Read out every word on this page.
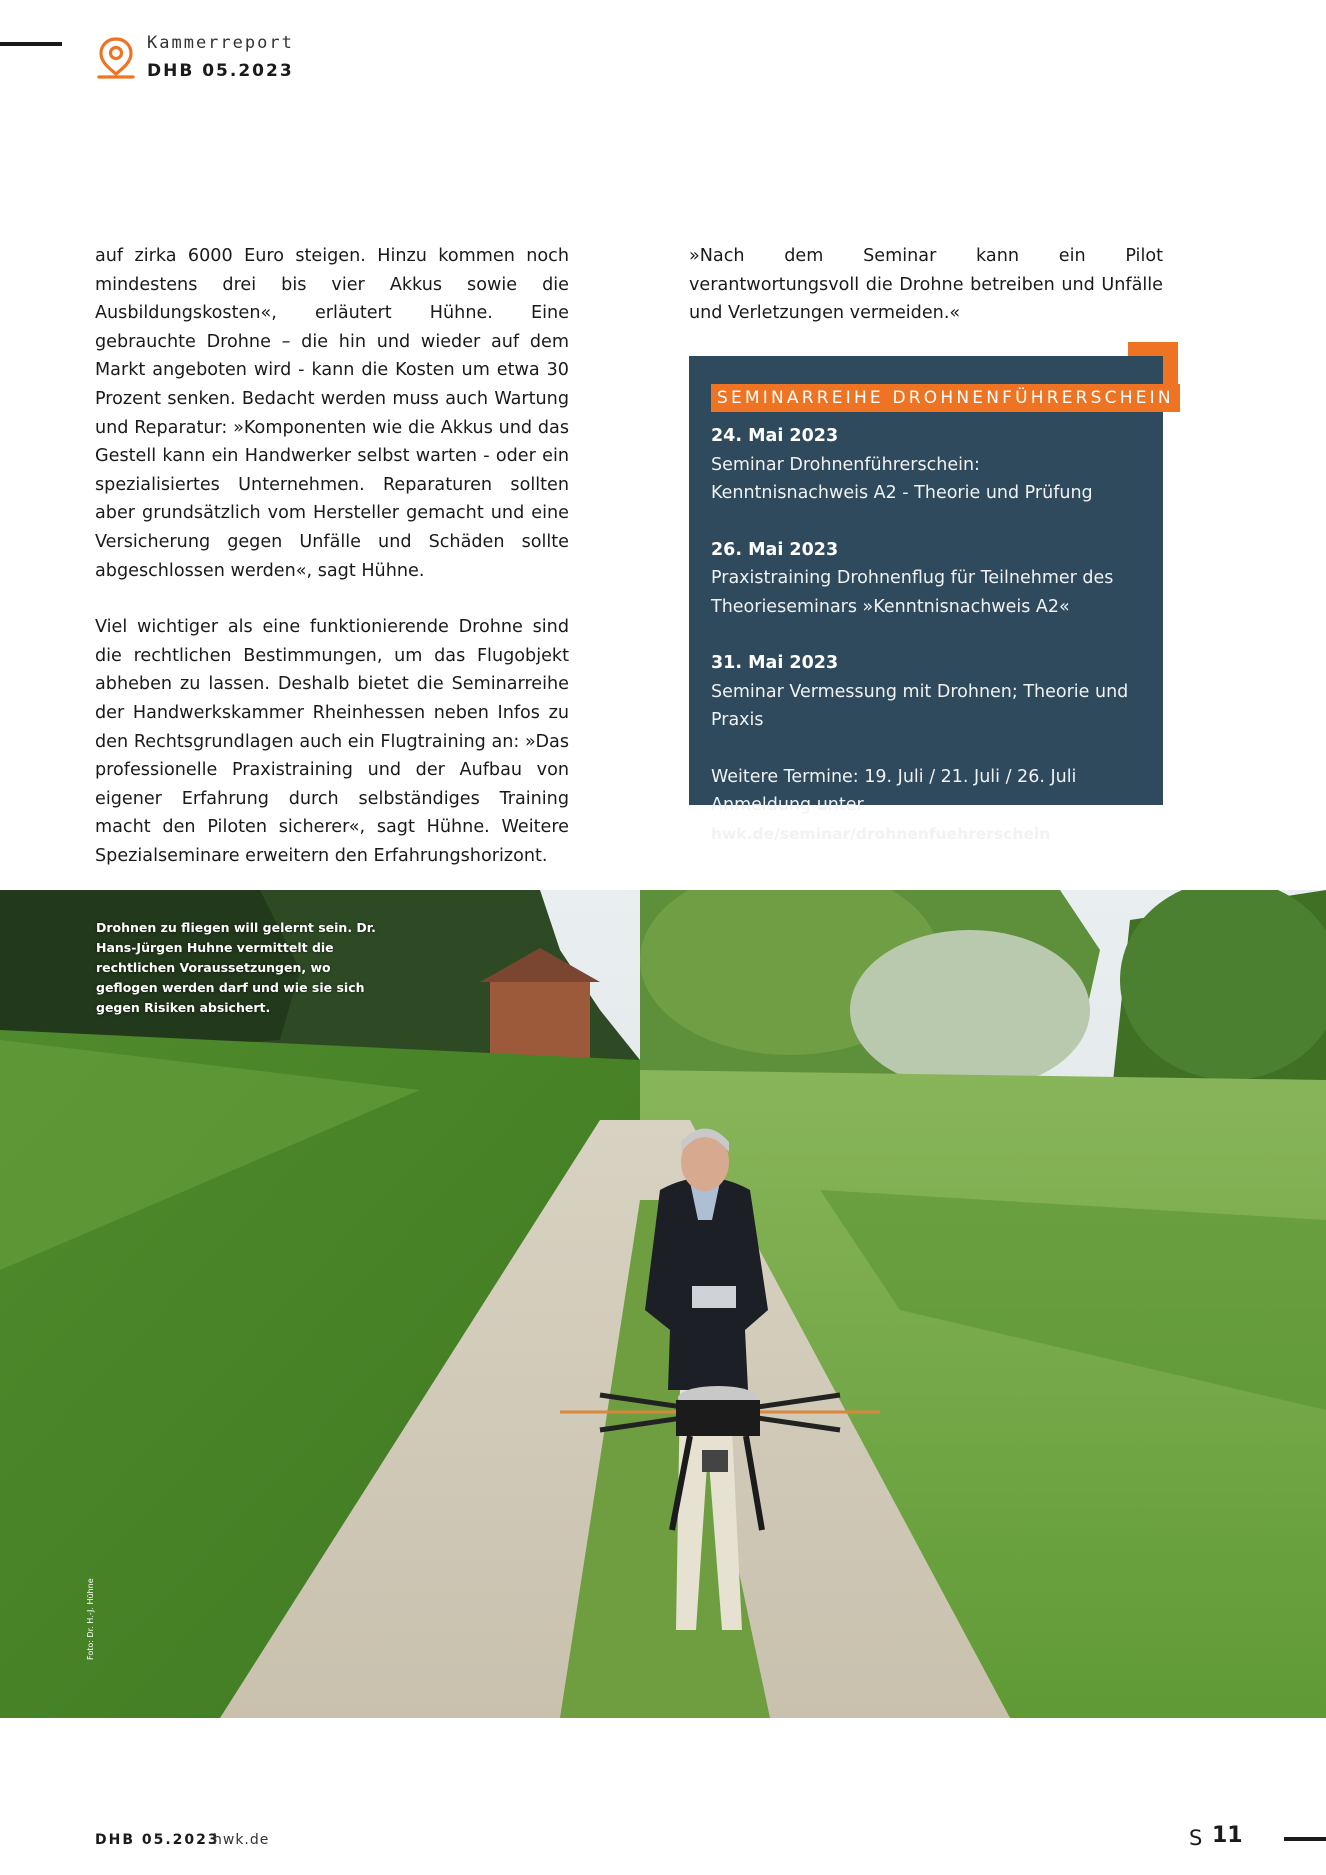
Kammerreport
DHB 05.2023

auf zirka 6000 Euro steigen. Hinzu kommen noch mindestens drei bis vier Akkus sowie die Ausbildungskosten«, erläutert Hühne. Eine gebrauchte Drohne – die hin und wieder auf dem Markt angeboten wird - kann die Kosten um etwa 30 Prozent senken. Bedacht werden muss auch Wartung und Reparatur: »Komponenten wie die Akkus und das Gestell kann ein Handwerker selbst warten - oder ein spezialisiertes Unternehmen. Reparaturen sollten aber grundsätzlich vom Hersteller gemacht und eine Versicherung gegen Unfälle und Schäden sollte abgeschlossen werden«, sagt Hühne.

Viel wichtiger als eine funktionierende Drohne sind die rechtlichen Bestimmungen, um das Flugobjekt abheben zu lassen. Deshalb bietet die Seminarreihe der Handwerkskammer Rheinhessen neben Infos zu den Rechtsgrundlagen auch ein Flugtraining an: »Das professionelle Praxistraining und der Aufbau von eigener Erfahrung durch selbständiges Training macht den Piloten sicherer«, sagt Hühne. Weitere Spezialseminare erweitern den Erfahrungshorizont.

»Nach dem Seminar kann ein Pilot verantwortungsvoll die Drohne betreiben und Unfälle und Verletzungen vermeiden.«

SEMINARREIHE DROHNENFÜHRERSCHEIN
24. Mai 2023
Seminar Drohnenführerschein: Kenntnisnachweis A2 - Theorie und Prüfung
26. Mai 2023
Praxistraining Drohnenflug für Teilnehmer des Theorieseminars »Kenntnisnachweis A2«
31. Mai 2023
Seminar Vermessung mit Drohnen; Theorie und Praxis
Weitere Termine: 19. Juli / 21. Juli / 26. Juli
Anmeldung unter hwk.de/seminar/drohnenfuehrerschein
Drohnen zu fliegen will gelernt sein. Dr. Hans-Jürgen Huhne vermittelt die rechtlichen Voraussetzungen, wo geflogen werden darf und wie sie sich gegen Risiken absichert.
Foto: Dr. H.-J. Hühne
DHB 05.2023
hwk.de	S 11
